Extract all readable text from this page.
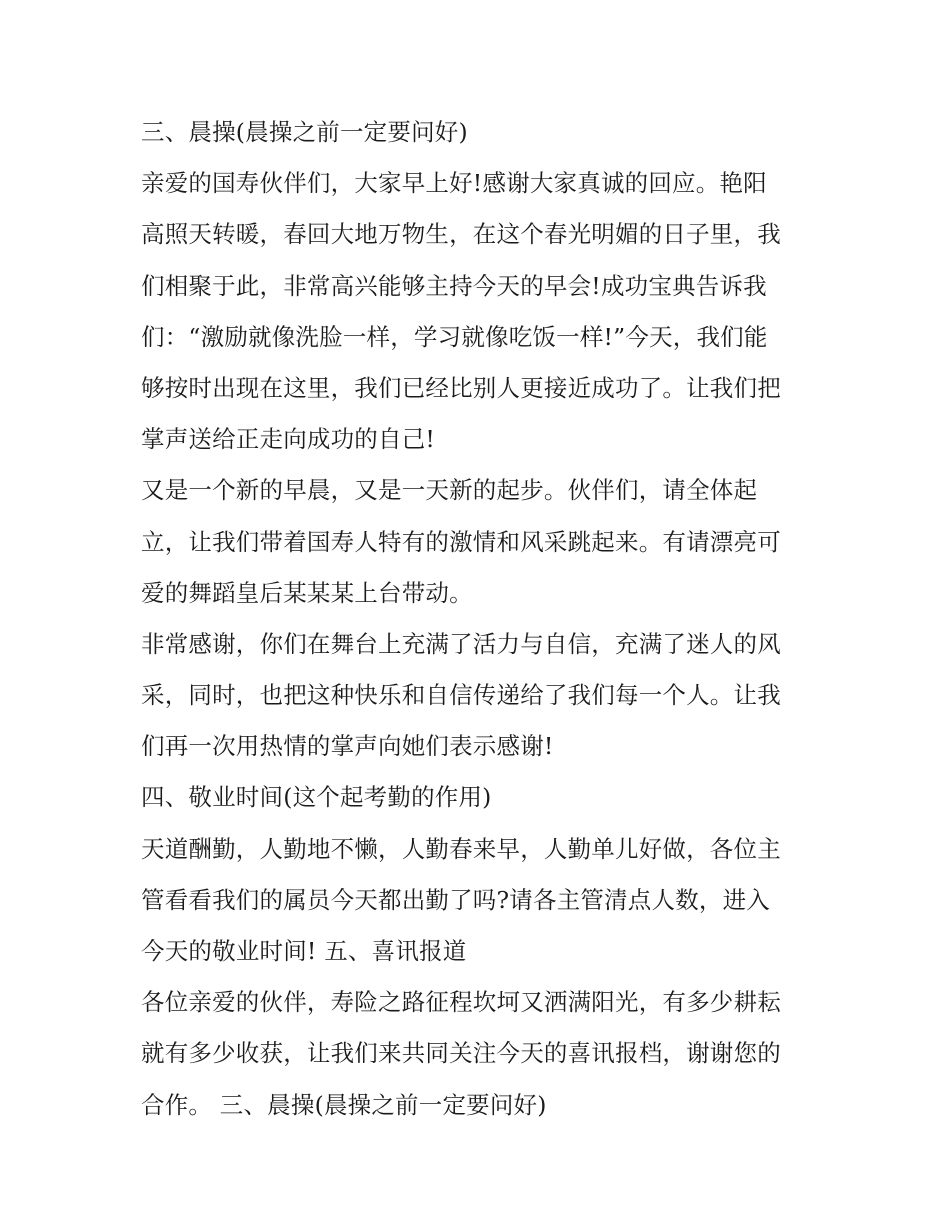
三、晨操(晨操之前一定要问好)
亲爱的国寿伙伴们，大家早上好!感谢大家真诚的回应。艳阳
高照天转暖，春回大地万物生，在这个春光明媚的日子里，我
们相聚于此，非常高兴能够主持今天的早会!成功宝典告诉我
们：“激励就像洗脸一样，学习就像吃饭一样!”今天，我们能
够按时出现在这里，我们已经比别人更接近成功了。让我们把
掌声送给正走向成功的自己!
又是一个新的早晨，又是一天新的起步。伙伴们，请全体起
立，让我们带着国寿人特有的激情和风采跳起来。有请漂亮可
爱的舞蹈皇后某某某上台带动。
非常感谢，你们在舞台上充满了活力与自信，充满了迷人的风
采，同时，也把这种快乐和自信传递给了我们每一个人。让我
们再一次用热情的掌声向她们表示感谢!
四、敬业时间(这个起考勤的作用)
天道酬勤，人勤地不懒，人勤春来早，人勤单儿好做，各位主
管看看我们的属员今天都出勤了吗?请各主管清点人数，进入
今天的敬业时间! 五、喜讯报道
各位亲爱的伙伴，寿险之路征程坎坷又洒满阳光，有多少耕耘
就有多少收获，让我们来共同关注今天的喜讯报档，谢谢您的
合作。 三、晨操(晨操之前一定要问好)
